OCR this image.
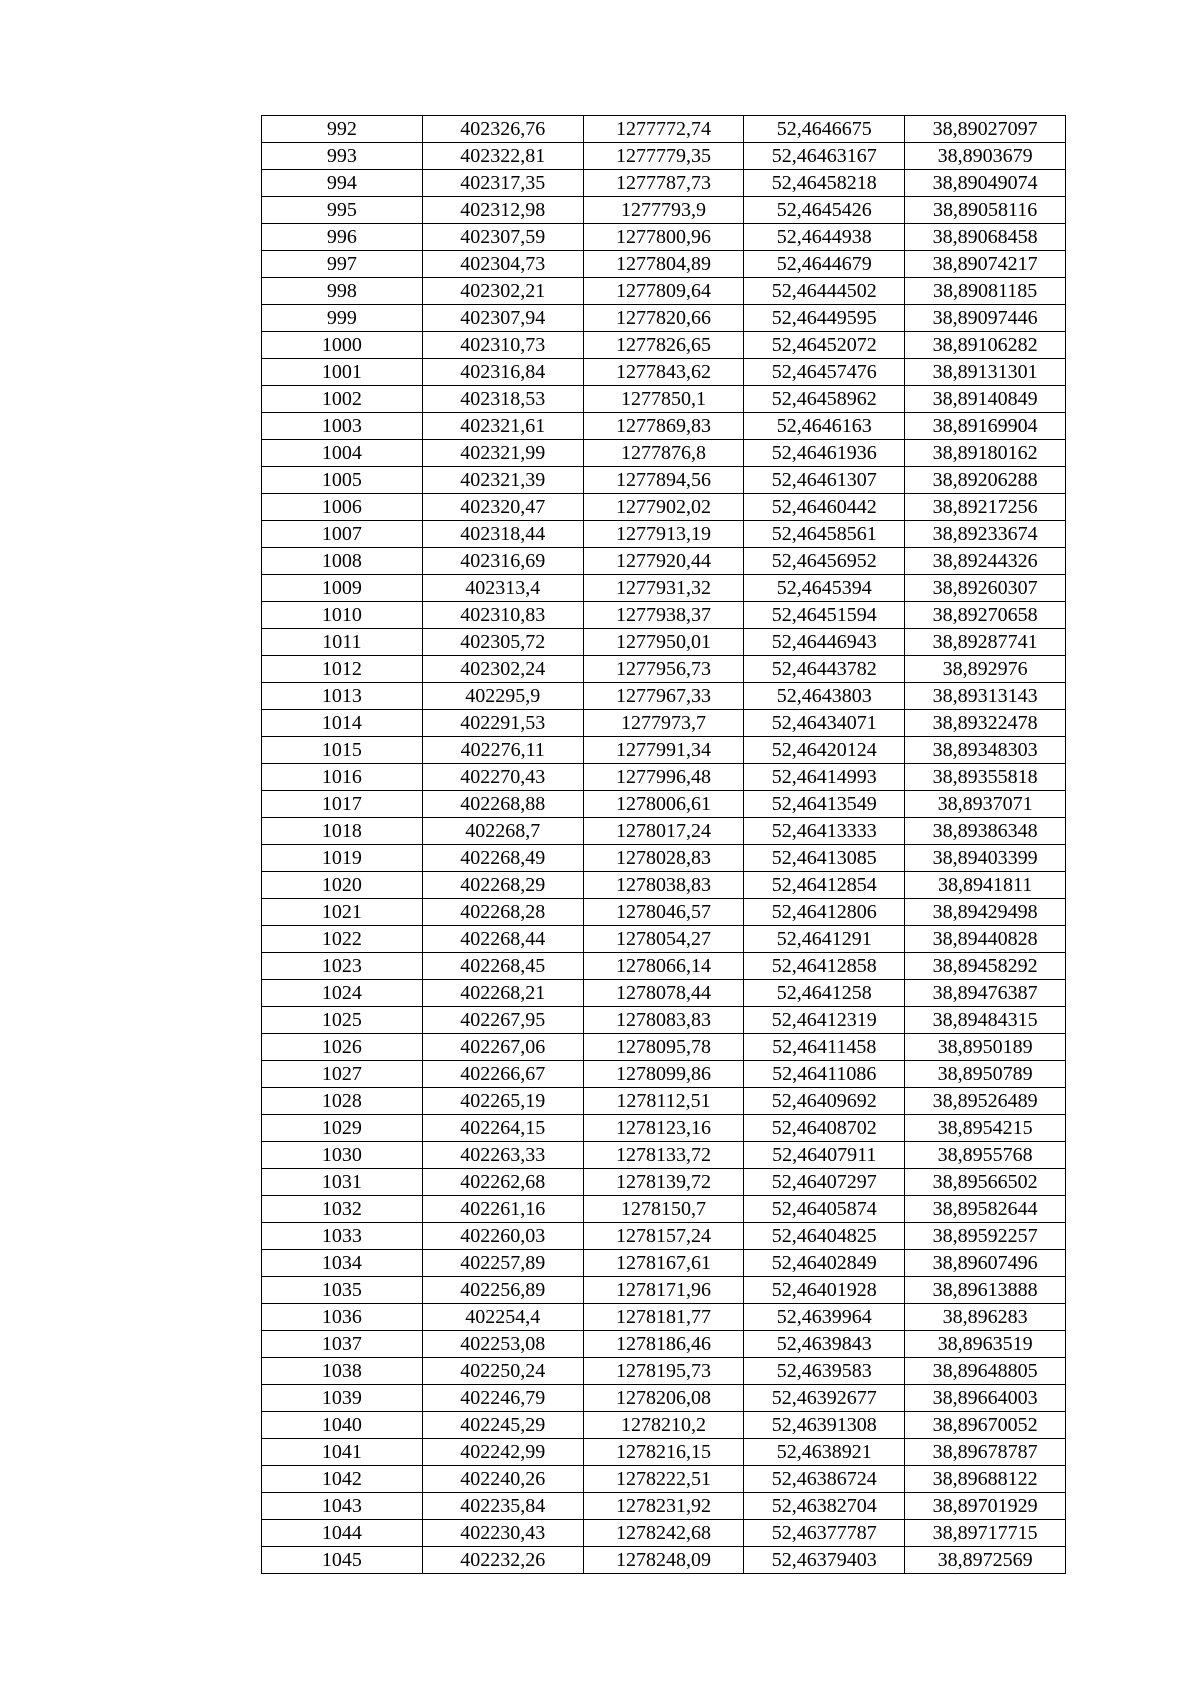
992	402326,76	1277772,74	52,4646675	38,89027097
993	402322,81	1277779,35	52,46463167	38,8903679
994	402317,35	1277787,73	52,46458218	38,89049074
995	402312,98	1277793,9	52,4645426	38,89058116
996	402307,59	1277800,96	52,4644938	38,89068458
997	402304,73	1277804,89	52,4644679	38,89074217
998	402302,21	1277809,64	52,46444502	38,89081185
999	402307,94	1277820,66	52,46449595	38,89097446
1000	402310,73	1277826,65	52,46452072	38,89106282
1001	402316,84	1277843,62	52,46457476	38,89131301
1002	402318,53	1277850,1	52,46458962	38,89140849
1003	402321,61	1277869,83	52,4646163	38,89169904
1004	402321,99	1277876,8	52,46461936	38,89180162
1005	402321,39	1277894,56	52,46461307	38,89206288
1006	402320,47	1277902,02	52,46460442	38,89217256
1007	402318,44	1277913,19	52,46458561	38,89233674
1008	402316,69	1277920,44	52,46456952	38,89244326
1009	402313,4	1277931,32	52,4645394	38,89260307
1010	402310,83	1277938,37	52,46451594	38,89270658
1011	402305,72	1277950,01	52,46446943	38,89287741
1012	402302,24	1277956,73	52,46443782	38,892976
1013	402295,9	1277967,33	52,4643803	38,89313143
1014	402291,53	1277973,7	52,46434071	38,89322478
1015	402276,11	1277991,34	52,46420124	38,89348303
1016	402270,43	1277996,48	52,46414993	38,89355818
1017	402268,88	1278006,61	52,46413549	38,8937071
1018	402268,7	1278017,24	52,46413333	38,89386348
1019	402268,49	1278028,83	52,46413085	38,89403399
1020	402268,29	1278038,83	52,46412854	38,8941811
1021	402268,28	1278046,57	52,46412806	38,89429498
1022	402268,44	1278054,27	52,4641291	38,89440828
1023	402268,45	1278066,14	52,46412858	38,89458292
1024	402268,21	1278078,44	52,4641258	38,89476387
1025	402267,95	1278083,83	52,46412319	38,89484315
1026	402267,06	1278095,78	52,46411458	38,8950189
1027	402266,67	1278099,86	52,46411086	38,8950789
1028	402265,19	1278112,51	52,46409692	38,89526489
1029	402264,15	1278123,16	52,46408702	38,8954215
1030	402263,33	1278133,72	52,46407911	38,8955768
1031	402262,68	1278139,72	52,46407297	38,89566502
1032	402261,16	1278150,7	52,46405874	38,89582644
1033	402260,03	1278157,24	52,46404825	38,89592257
1034	402257,89	1278167,61	52,46402849	38,89607496
1035	402256,89	1278171,96	52,46401928	38,89613888
1036	402254,4	1278181,77	52,4639964	38,896283
1037	402253,08	1278186,46	52,4639843	38,8963519
1038	402250,24	1278195,73	52,4639583	38,89648805
1039	402246,79	1278206,08	52,46392677	38,89664003
1040	402245,29	1278210,2	52,46391308	38,89670052
1041	402242,99	1278216,15	52,4638921	38,89678787
1042	402240,26	1278222,51	52,46386724	38,89688122
1043	402235,84	1278231,92	52,46382704	38,89701929
1044	402230,43	1278242,68	52,46377787	38,89717715
1045	402232,26	1278248,09	52,46379403	38,8972569
